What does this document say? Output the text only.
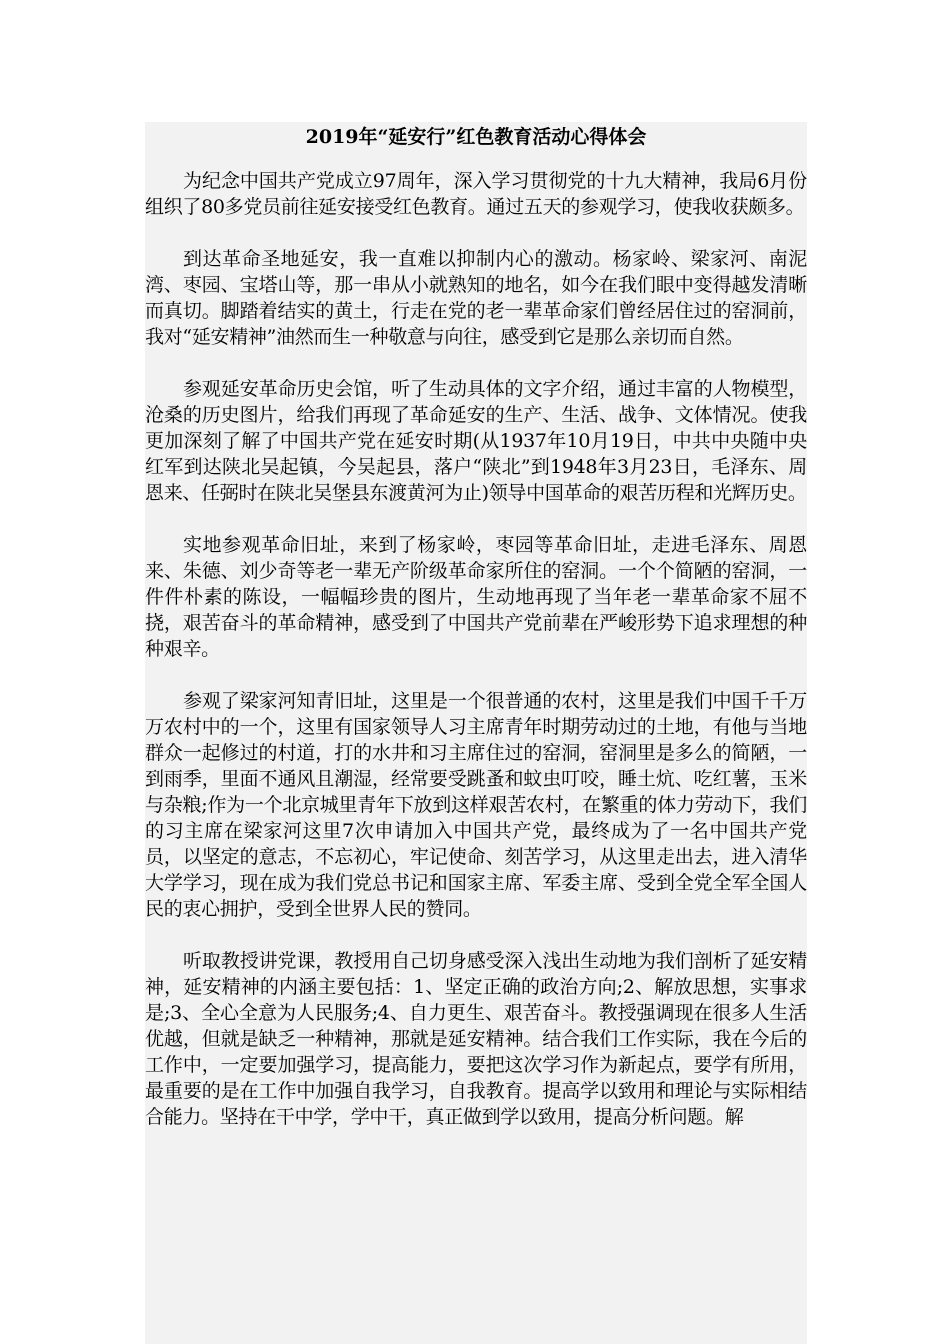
2019年“延安行”红色教育活动心得体会

为纪念中国共产党成立97周年，深入学习贯彻党的十九大精神，我局6月份组织了80多党员前往延安接受红色教育。通过五天的参观学习，使我收获颇多。

到达革命圣地延安，我一直难以抑制内心的激动。杨家岭、梁家河、南泥湾、枣园、宝塔山等，那一串从小就熟知的地名，如今在我们眼中变得越发清晰而真切。脚踏着结实的黄土，行走在党的老一辈革命家们曾经居住过的窑洞前，我对“延安精神”油然而生一种敬意与向往，感受到它是那么亲切而自然。

参观延安革命历史会馆，听了生动具体的文字介绍，通过丰富的人物模型，沧桑的历史图片，给我们再现了革命延安的生产、生活、战争、文体情况。使我更加深刻了解了中国共产党在延安时期(从1937年10月19日，中共中央随中央红军到达陕北吴起镇，今吴起县，落户“陕北”到1948年3月23日，毛泽东、周恩来、任弼时在陕北吴堡县东渡黄河为止)领导中国革命的艰苦历程和光辉历史。

实地参观革命旧址，来到了杨家岭，枣园等革命旧址，走进毛泽东、周恩来、朱德、刘少奇等老一辈无产阶级革命家所住的窑洞。一个个简陋的窑洞，一件件朴素的陈设，一幅幅珍贵的图片，生动地再现了当年老一辈革命家不屈不挠，艰苦奋斗的革命精神，感受到了中国共产党前辈在严峻形势下追求理想的种种艰辛。

参观了梁家河知青旧址，这里是一个很普通的农村，这里是我们中国千千万万农村中的一个，这里有国家领导人习主席青年时期劳动过的土地，有他与当地群众一起修过的村道，打的水井和习主席住过的窑洞，窑洞里是多么的简陋，一到雨季，里面不通风且潮湿，经常要受跳蚤和蚊虫叮咬，睡土炕、吃红薯，玉米与杂粮;作为一个北京城里青年下放到这样艰苦农村，在繁重的体力劳动下，我们的习主席在梁家河这里7次申请加入中国共产党，最终成为了一名中国共产党员，以坚定的意志，不忘初心，牢记使命、刻苦学习，从这里走出去，进入清华大学学习，现在成为我们党总书记和国家主席、军委主席、受到全党全军全国人民的衷心拥护，受到全世界人民的赞同。

听取教授讲党课，教授用自己切身感受深入浅出生动地为我们剖析了延安精神，延安精神的内涵主要包括：1、坚定正确的政治方向;2、解放思想，实事求是;3、全心全意为人民服务;4、自力更生、艰苦奋斗。教授强调现在很多人生活优越，但就是缺乏一种精神，那就是延安精神。结合我们工作实际，我在今后的工作中，一定要加强学习，提高能力，要把这次学习作为新起点，要学有所用，最重要的是在工作中加强自我学习，自我教育。提高学以致用和理论与实际相结合能力。坚持在干中学，学中干，真正做到学以致用，提高分析问题。解
